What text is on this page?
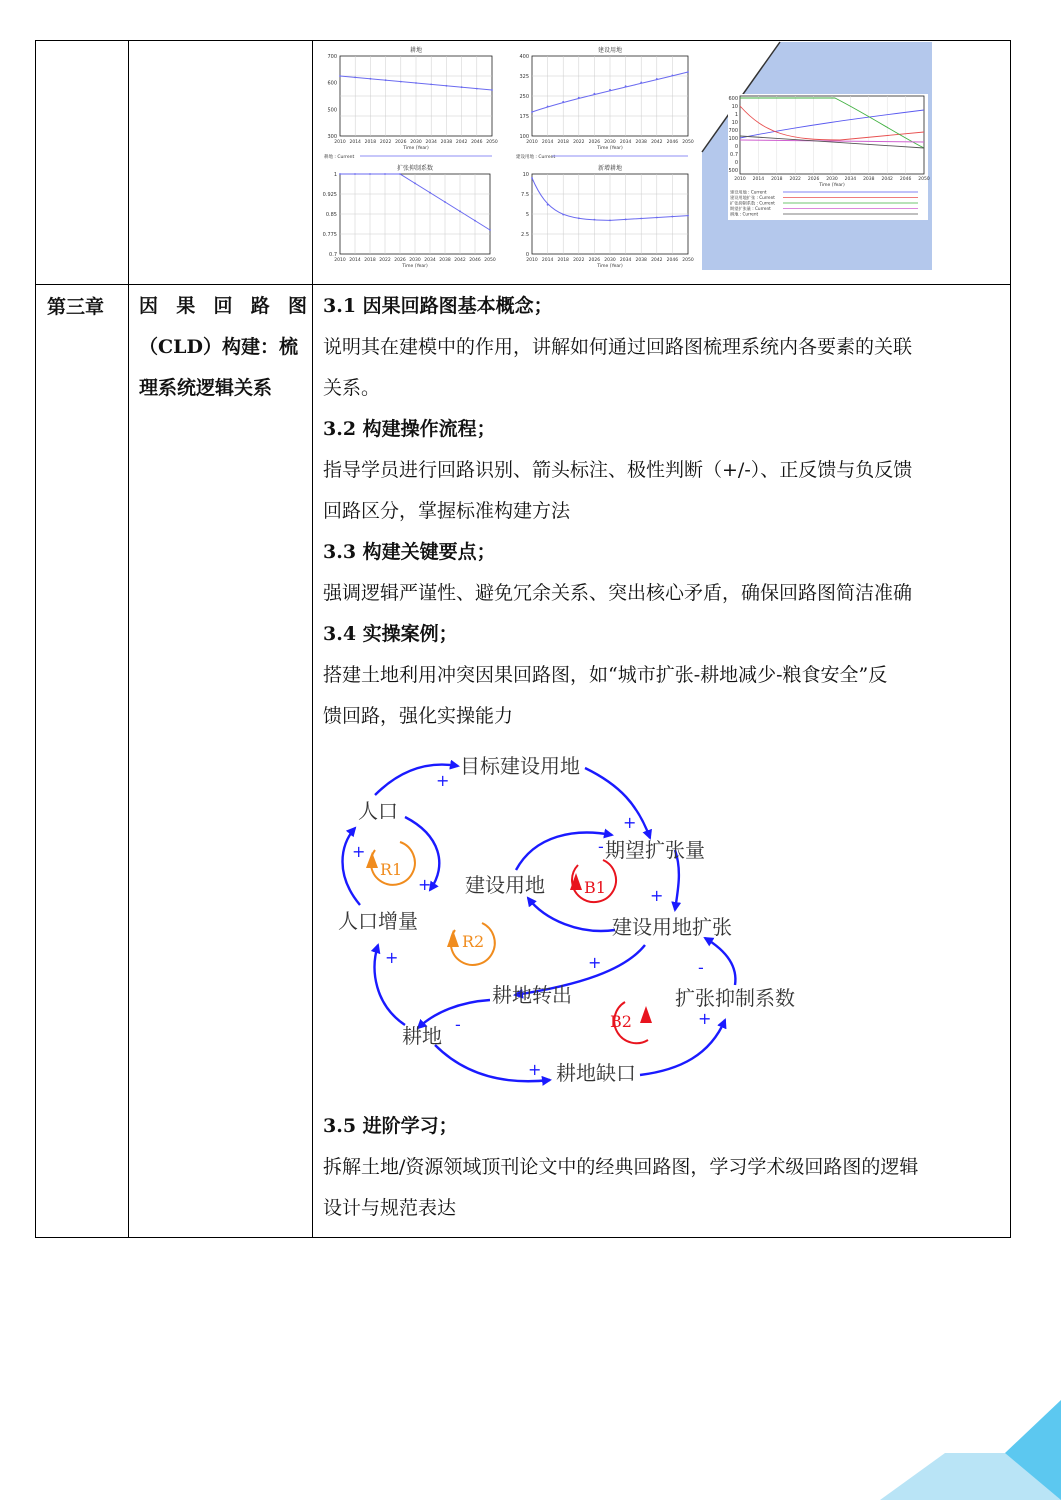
第三章 因 果 回 路 图
（CLD）构建：梳
理系统逻辑关系

3.1 因果回路图基本概念；

说明其在建模中的作用，讲解如何通过回路图梳理系统内各要素的关联

关系。

3.2 构建操作流程；

指导学员进行回路识别、箭头标注、极性判断（+/-）、正反馈与负反馈

回路区分，掌握标准构建方法

3.3 构建关键要点；

强调逻辑严谨性、避免冗余关系、突出核心矛盾，确保回路图简洁准确

3.4 实操案例；

搭建土地利用冲突因果回路图，如“城市扩张-耕地减少-粮食安全”反

馈回路，强化实操能力

3.5 进阶学习；

拆解土地/资源领域顶刊论文中的经典回路图，学习学术级回路图的逻辑

设计与规范表达

耕地
700
600
500
300
2010 2014 2018 2022 2026 2030 2034 2038 2042 2046 2050
Time (Year)
耕地 : Current
建设用地
400
325
250
175
100
2010 2014 2018 2022 2026 2030 2034 2038 2042 2046 2050
Time (Year)
建设用地 : Current
扩张抑制系数
1
0.925
0.85
0.775
0.7
2010 2014 2018 2022 2026 2030 2034 2038 2042 2046 2050
Time (Year)
新增耕地
10
7.5
5
2.5
0
2010 2014 2018 2022 2026 2030 2034 2038 2042 2046 2050
Time (Year)
600
10
1
10
700
100
0
0.7
0
500
2010 2014 2018 2022 2026 2030 2034 2038 2042 2046 2050
Time (Year)
建设用地 : Current
建设用地扩张 : Current
扩张抑制系数 : Current
期望扩张量 : Current
耕地 : Current
目标建设用地
人口
期望扩张量
建设用地
人口增量	建设用地扩张
耕地转出	扩张抑制系数
耕地
耕地缺口
+
+
+
+
+
+
+
+
+
-
-
-
R1
R2
B1
B2
